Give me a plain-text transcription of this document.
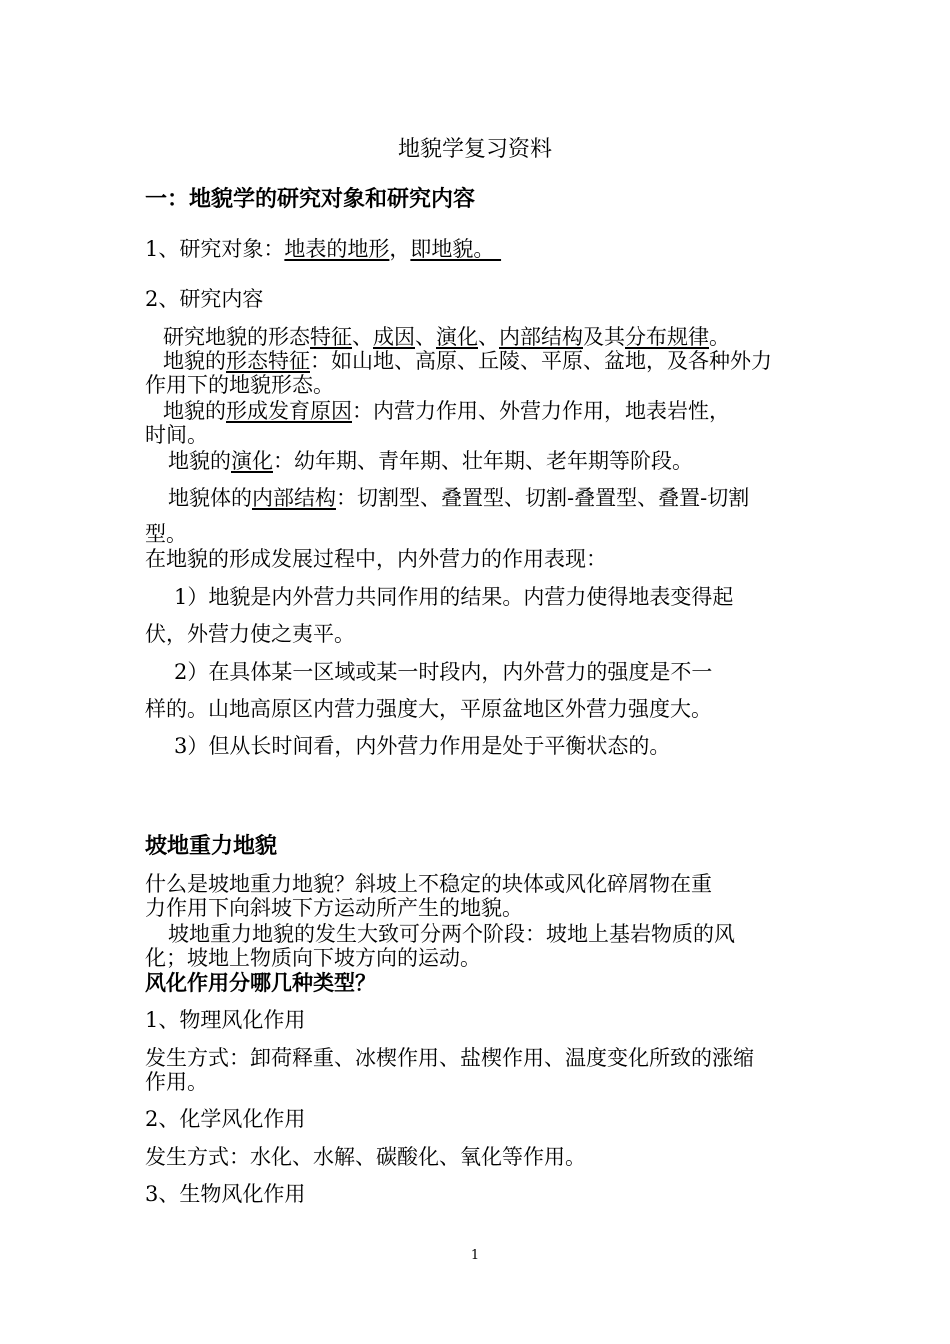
地貌学复习资料
一：地貌学的研究对象和研究内容
1、研究对象：地表的地形，即地貌。
2、研究内容
研究地貌的形态特征、成因、演化、内部结构及其分布规律。
地貌的形态特征：如山地、高原、丘陵、平原、盆地，及各种外力
作用下的地貌形态。
地貌的形成发育原因：内营力作用、外营力作用，地表岩性，
时间。
地貌的演化：幼年期、青年期、壮年期、老年期等阶段。
地貌体的内部结构：切割型、叠置型、切割-叠置型、叠置-切割
型。
在地貌的形成发展过程中，内外营力的作用表现：
1）地貌是内外营力共同作用的结果。内营力使得地表变得起
伏，外营力使之夷平。
2）在具体某一区域或某一时段内，内外营力的强度是不一
样的。山地高原区内营力强度大，平原盆地区外营力强度大。
3）但从长时间看，内外营力作用是处于平衡状态的。
坡地重力地貌
什么是坡地重力地貌？斜坡上不稳定的块体或风化碎屑物在重
力作用下向斜坡下方运动所产生的地貌。
坡地重力地貌的发生大致可分两个阶段：坡地上基岩物质的风
化；坡地上物质向下坡方向的运动。
风化作用分哪几种类型？
1、物理风化作用
发生方式：卸荷释重、冰楔作用、盐楔作用、温度变化所致的涨缩
作用。
2、化学风化作用
发生方式：水化、水解、碳酸化、氧化等作用。
3、生物风化作用
1
